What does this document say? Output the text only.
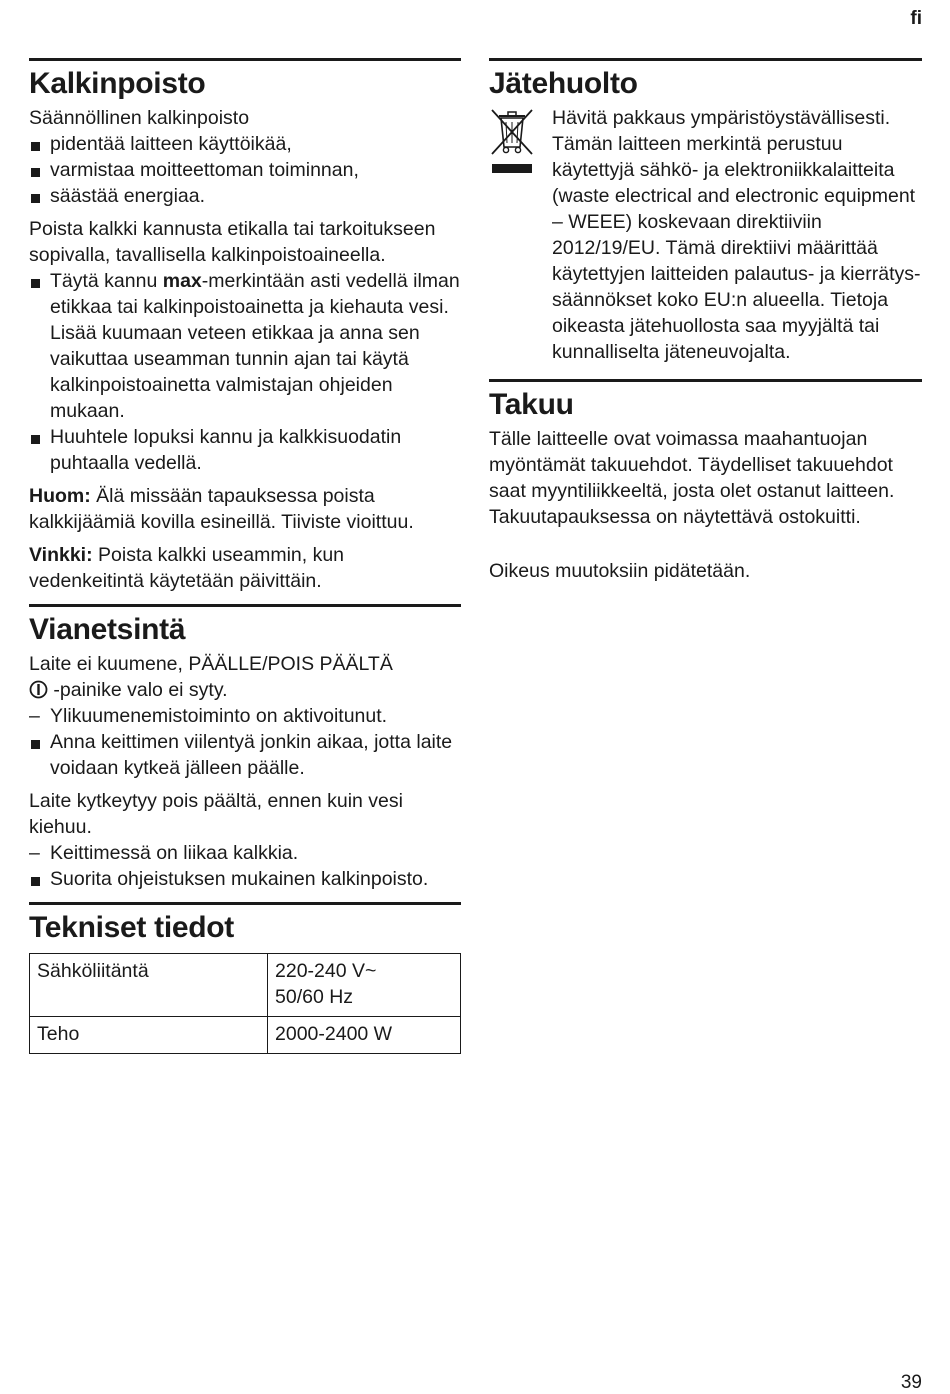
fi
Kalkinpoisto

Säännöllinen kalkinpoisto

pidentää laitteen käyttöikää,
varmistaa moitteettoman toiminnan,
säästää energiaa.

Poista kalkki kannusta etikalla tai tarkoitukseen sopivalla, tavallisella kalkinpoistoaineella.

Täytä kannu max-merkintään asti vedellä ilman etikkaa tai kalkinpoistoainetta ja kiehauta vesi. Lisää kuumaan veteen etikkaa ja anna sen vaikuttaa useamman tunnin ajan tai käytä kalkinpoistoainetta valmistajan ohjeiden mukaan.
Huuhtele lopuksi kannu ja kalkkisuodatin puhtaalla vedellä.

Huom: Älä missään tapauksessa poista kalkkijäämiä kovilla esineillä. Tiiviste vioittuu.

Vinkki: Poista kalkki useammin, kun vedenkeitintä käytetään päivittäin.

Vianetsintä

Laite ei kuumene, PÄÄLLE/POIS PÄÄLTÄ
-painike valo ei syty.

– Ylikuumenemistoiminto on aktivoitunut.
Anna keittimen viilentyä jonkin aikaa, jotta laite voidaan kytkeä jälleen päälle.

Laite kytkeytyy pois päältä, ennen kuin vesi kiehuu.

– Keittimessä on liikaa kalkkia.
Suorita ohjeistuksen mukainen kalkinpoisto.
Tekniset tiedot
Sähköliitäntä	220-240 V~
50/60 Hz
Teho	2000-2400 W
Jätehuolto

Hävitä pakkaus ympäristöystävällisesti. Tämän laitteen merkintä perustuu käytettyjä sähkö- ja elektroniikkalaitteita (waste electrical and electronic equipment – WEEE) koskevaan direktiiviin 2012/19/EU. Tämä direktiivi määrittää käytettyjen laitteiden palautus- ja kierrätys-säännökset koko EU:n alueella. Tietoja oikeasta jätehuollosta saa myyjältä tai kunnalliselta jäteneuvojalta.

Takuu

Tälle laitteelle ovat voimassa maahantuojan myöntämät takuuehdot. Täydelliset takuuehdot saat myyntiliikkeeltä, josta olet ostanut laitteen. Takuutapauksessa on näytettävä ostokuitti.

Oikeus muutoksiin pidätetään.

39
